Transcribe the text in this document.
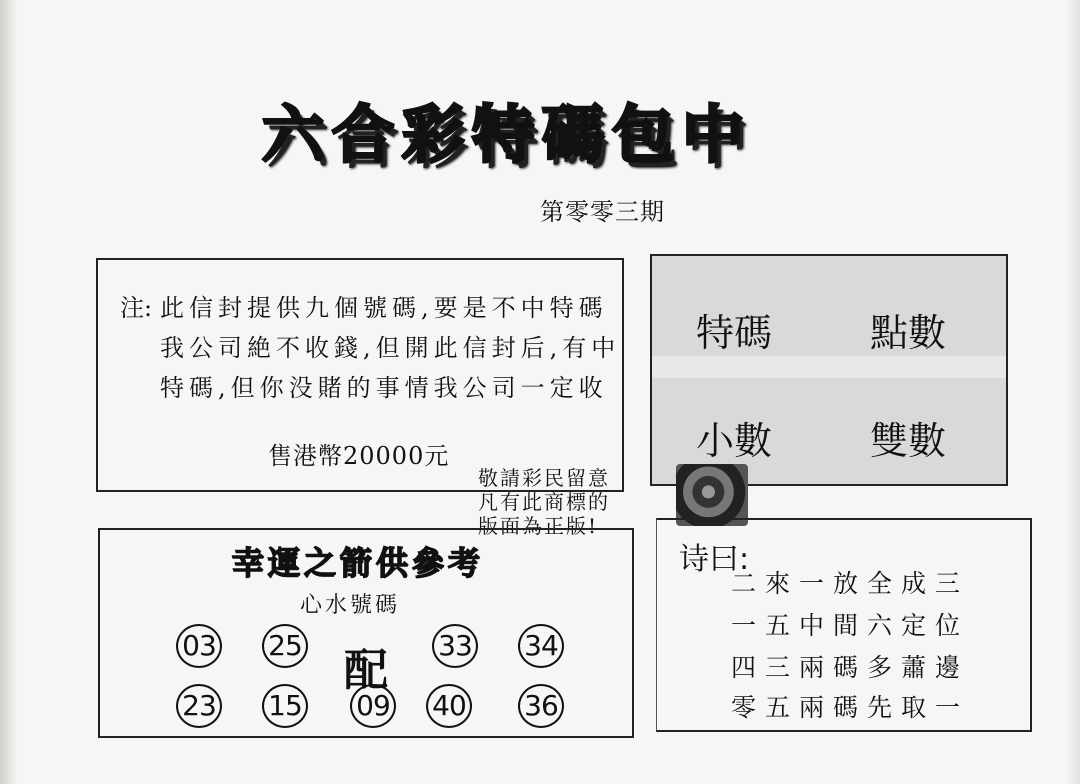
六合彩特碼包中
第零零三期
注: 此信封提供九個號碼,要是不中特碼
我公司絶不收錢,但開此信封后,有中
特碼,但你没賭的事情我公司一定收
售港幣20000元
特碼	點數
小數	雙數
敬請彩民留意
凡有此商標的
版面為正版!
幸運之箭供參考
心水號碼
配
03 25	33 34
23 15 09 40 36
诗曰:
二來一放全成三
一五中間六定位
四三兩碼多蕭邊
零五兩碼先取一
